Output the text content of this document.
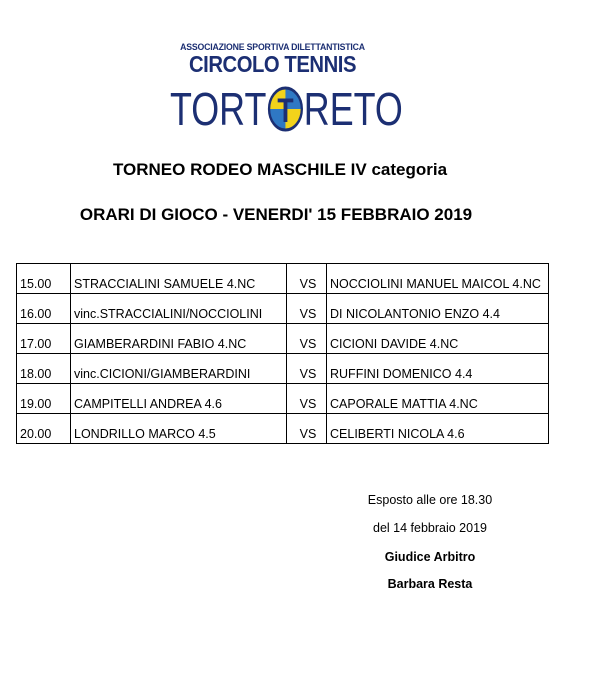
ASSOCIAZIONE SPORTIVA DILETTANTISTICA
CIRCOLO TENNIS
TORT T RETO
TORNEO RODEO MASCHILE IV categoria
ORARI DI GIOCO - VENERDI' 15 FEBBRAIO 2019
15.00	STRACCIALINI SAMUELE 4.NC	VS	NOCCIOLINI MANUEL MAICOL 4.NC
16.00	vinc.STRACCIALINI/NOCCIOLINI	VS	DI NICOLANTONIO ENZO 4.4
17.00	GIAMBERARDINI FABIO 4.NC	VS	CICIONI DAVIDE 4.NC
18.00	vinc.CICIONI/GIAMBERARDINI	VS	RUFFINI DOMENICO 4.4
19.00	CAMPITELLI ANDREA 4.6	VS	CAPORALE MATTIA 4.NC
20.00	LONDRILLO MARCO 4.5	VS	CELIBERTI NICOLA 4.6
Esposto alle ore 18.30
del 14 febbraio 2019
Giudice Arbitro
Barbara Resta
